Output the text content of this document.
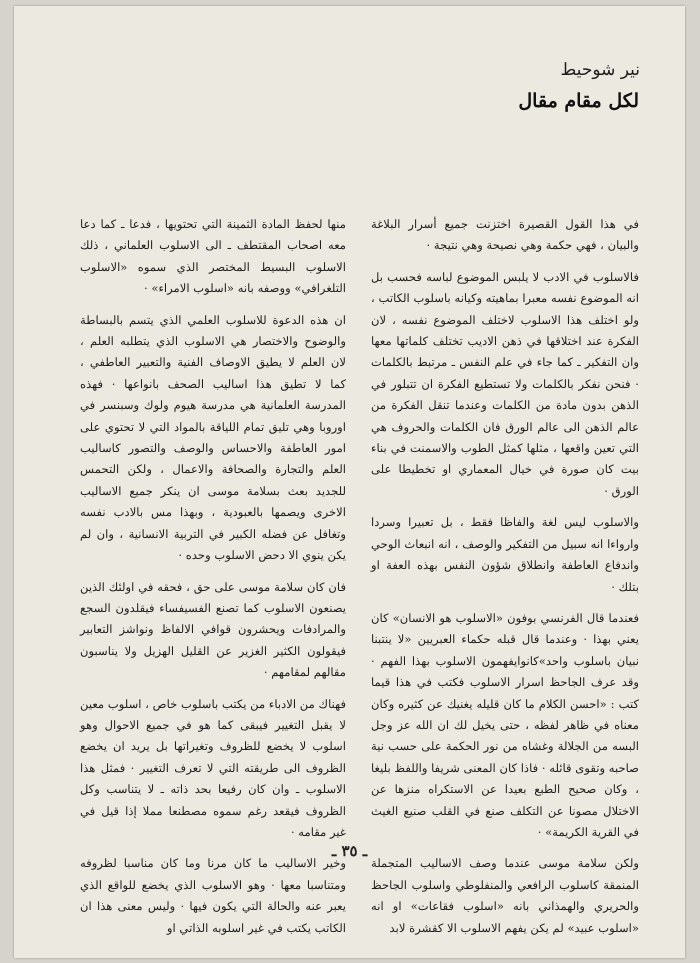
نير شوحيط
لكل مقام مقال

في هذا القول القصيرة اختزنت جميع أسرار البلاغة والبيان ، فهي حكمة وهي نصيحة وهي نتيجة ·

فالاسلوب في الادب لا يلبس الموضوع لباسه فحسب بل انه الموضوع نفسه معبرا بماهيته وكيانه باسلوب الكاتب ، ولو اختلف هذا الاسلوب لاختلف الموضوع نفسه ، لان الفكرة عند اختلاقها في ذهن الاديب تختلف كلماتها معها وان التفكير ـ كما جاء في علم النفس ـ مرتبط بالكلمات · فنحن نفكر بالكلمات ولا تستطيع الفكرة ان تتبلور في الذهن بدون مادة من الكلمات وعندما تنقل الفكرة من عالم الذهن الى عالم الورق فان الكلمات والحروف هي التي تعين واقعها ، مثلها كمثل الطوب والاسمنت في بناء بيت كان صورة في خيال المعماري او تخطيطا على الورق ·

والاسلوب ليس لغة والفاظا فقط ، بل تعبيرا وسردا وارواءا انه سبيل من التفكير والوصف ، انه انبعاث الوحي واندفاع العاطفة وانطلاق شؤون النفس بهذه العفة او بتلك ·

فعندما قال الفرنسي بوفون «الاسلوب هو الانسان» كان يعني بهذا · وعندما قال قبله حكماء العبريين «لا ينتبنا نبيان باسلوب واحد»كانوايفهمون الاسلوب بهذا الفهم · وقد عرف الجاحظ اسرار الاسلوب فكتب في هذا قيما كتب : «احسن الكلام ما كان قليله يغنيك عن كثيره وكان معناه في ظاهر لفظه ، حتى يخيل لك ان الله عز وجل البسه من الجلالة وغشاه من نور الحكمة على حسب نية صاحبه وتقوى قائله · فاذا كان المعنى شريفا واللفظ بليغا ، وكان صحيح الطبع بعيدا عن الاستكراه منزها عن الاختلال مصونا عن التكلف صنع في القلب صنيع الغيث في القرية الكريمة» ·

ولكن سلامة موسى عندما وصف الاساليب المتجملة المنمقة كاسلوب الرافعي والمنفلوطي واسلوب الجاحظ والحريري والهمذاني بانه «اسلوب فقاعات» او انه «اسلوب عبيد» لم يكن يفهم الاسلوب الا كقشرة لابد

منها لحفظ المادة الثمينة التي تحتويها ، فدعا ـ كما دعا معه اصحاب المقتطف ـ الى الاسلوب العلماني ، ذلك الاسلوب البسيط المختصر الذي سموه «الاسلوب التلغرافي» ووصفه بانه «اسلوب الامراء» ·

ان هذه الدعوة للاسلوب العلمي الذي يتسم بالبساطة والوضوح والاختصار هي الاسلوب الذي يتطلبه العلم ، لان العلم لا يطيق الاوصاف الفنية والتعبير العاطفي ، كما لا تطيق هذا اساليب الصحف بانواعها · فهذه المدرسة العلمانية هي مدرسة هيوم ولوك وسبنسر في اوروبا وهي تليق تمام اللياقة بالمواد التي لا تحتوي على امور العاطفة والاحساس والوصف والتصور كاساليب العلم والتجارة والصحافة والاعمال ، ولكن التحمس للجديد بعث بسلامة موسى ان ينكر جميع الاساليب الاخرى ويصمها بالعبودية ، وبهذا مس بالادب نفسه وتغافل عن فضله الكبير في التربية الانسانية ، وان لم يكن ينوي الا دحض الاسلوب وحده ·

فان كان سلامة موسى على حق ، فحقه في اولئك الذين يصنعون الاسلوب كما تصنع الفسيفساء فيقلدون السجع والمرادفات ويحشرون قوافي الالفاظ ونواشز التعابير فيقولون الكثير الغزير عن القليل الهزيل ولا يناسبون مقالهم لمقامهم ·

فهناك من الادباء من يكتب باسلوب خاص ، اسلوب معين لا يقبل التغيير فيبقى كما هو في جميع الاحوال وهو اسلوب لا يخضع للظروف وتغيراتها بل يريد ان يخضع الظروف الى طريقته التي لا تعرف التغيير · فمثل هذا الاسلوب ـ وان كان رفيعا بحد ذاته ـ لا يتناسب وكل الظروف فيقعد رغم سموه مصطنعا مملا إذا قيل في غير مقامه ·

وخير الاساليب ما كان مرنا وما كان مناسبا لظروفه ومتناسبا معها · وهو الاسلوب الذي يخضع للواقع الذي يعبر عنه والحالة التي يكون فيها · وليس معنى هذا ان الكاتب يكتب في غير اسلوبه الذاتي او

ـ ٣٥ ـ
